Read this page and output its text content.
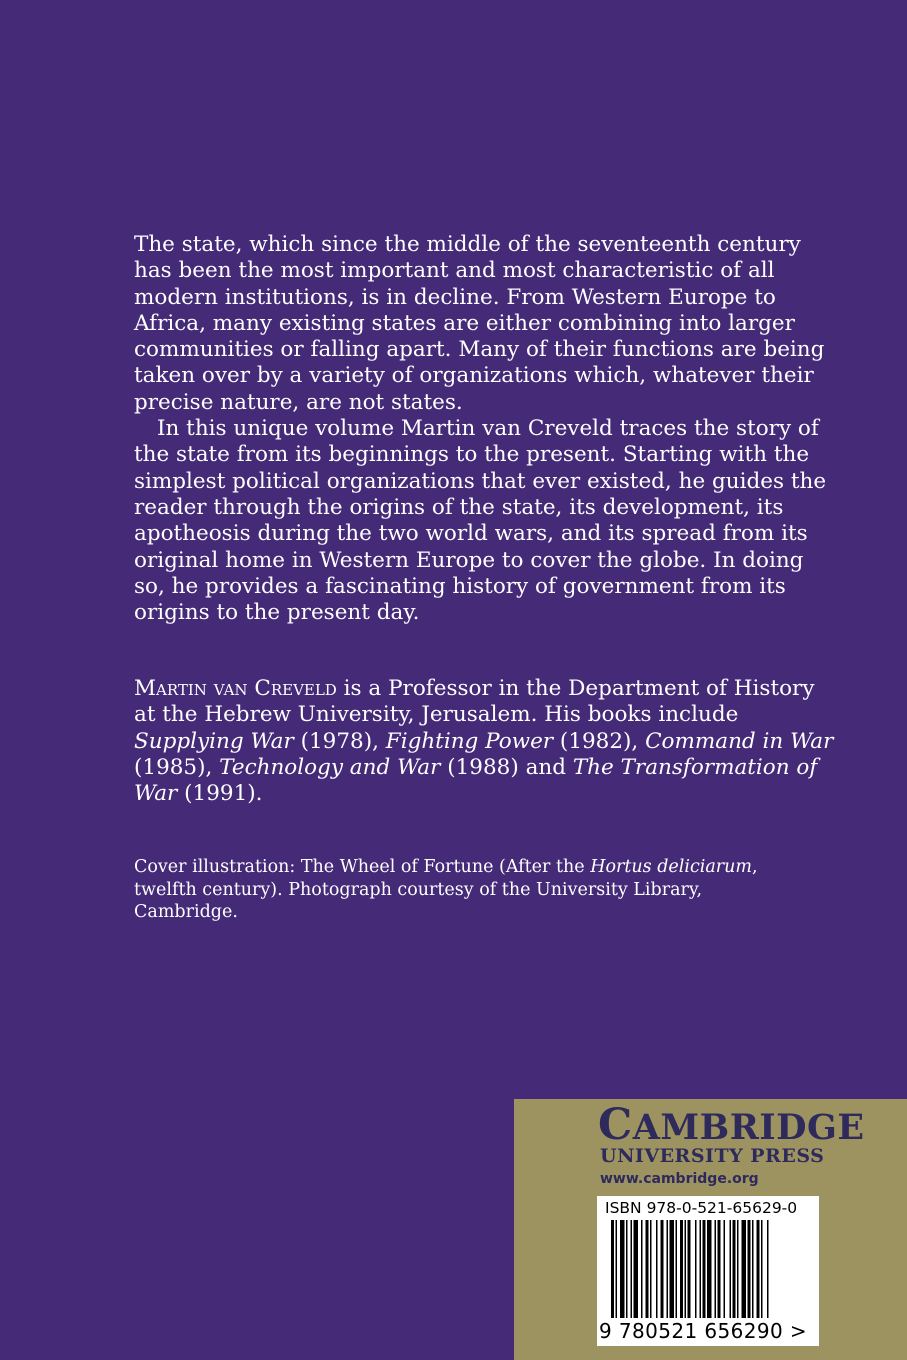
The state, which since the middle of the seventeenth century has been the most important and most characteristic of all modern institutions, is in decline. From Western Europe to Africa, many existing states are either combining into larger communities or falling apart. Many of their functions are being taken over by a variety of organizations which, whatever their precise nature, are not states.

In this unique volume Martin van Creveld traces the story of the state from its beginnings to the present. Starting with the simplest political organizations that ever existed, he guides the reader through the origins of the state, its development, its apotheosis during the two world wars, and its spread from its original home in Western Europe to cover the globe. In doing so, he provides a fascinating history of government from its origins to the present day.

Martin van Creveld is a Professor in the Department of History at the Hebrew University, Jerusalem. His books include Supplying War (1978), Fighting Power (1982), Command in War (1985), Technology and War (1988) and The Transformation of War (1991).

Cover illustration: The Wheel of Fortune (After the Hortus deliciarum, twelfth century). Photograph courtesy of the University Library, Cambridge.

CAMBRIDGE

UNIVERSITY PRESS

www.cambridge.org

ISBN 978-0-521-65629-0

9 780521 656290 >
